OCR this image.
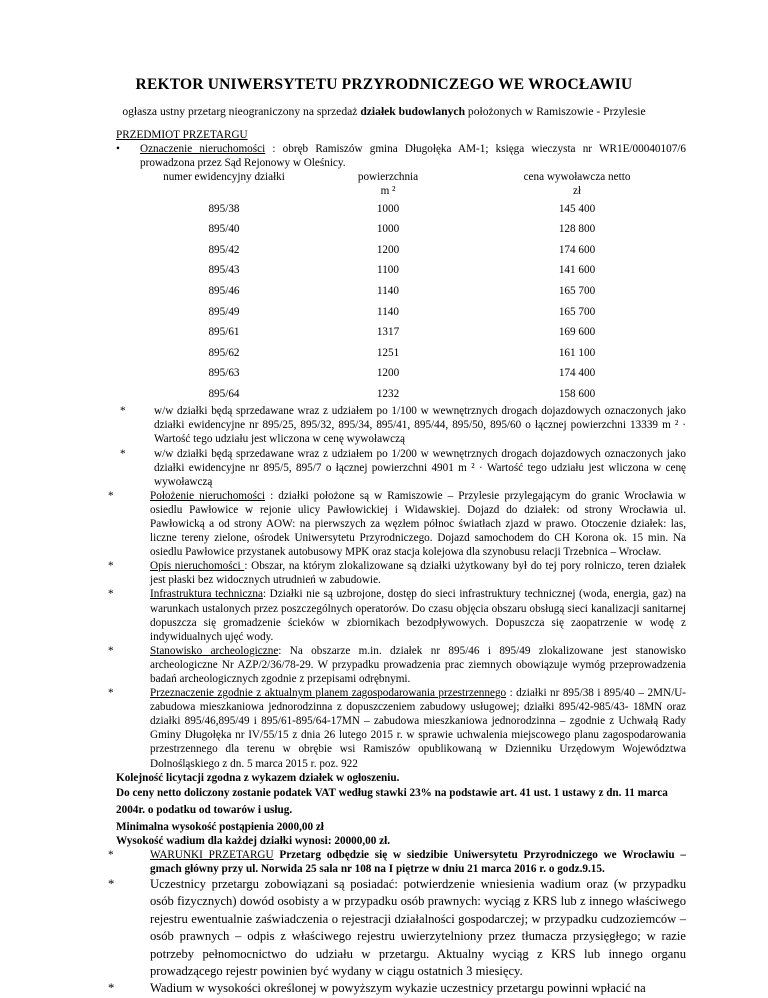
REKTOR UNIWERSYTETU PRZYRODNICZEGO WE WROCŁAWIU
ogłasza ustny przetarg nieograniczony na sprzedaż działek budowlanych położonych w Ramiszowie - Przylesie

PRZEDMIOT PRZETARGU

•	Oznaczenie nieruchomości : obręb Ramiszów gmina Długołęka AM-1; księga wieczysta nr WR1E/00040107/6 prowadzona przez Sąd Rejonowy w Oleśnicy.
numer ewidencyjny działki	powierzchnia	cena wywoławcza netto
	m ²	zł
895/38	1000	145 400
895/40	1000	128 800
895/42	1200	174 600
895/43	1100	141 600
895/46	1140	165 700
895/49	1140	165 700
895/61	1317	169 600
895/62	1251	161 100
895/63	1200	174 400
895/64	1232	158 600
*	w/w działki będą sprzedawane wraz z udziałem po 1/100 w wewnętrznych drogach dojazdowych oznaczonych jako działki ewidencyjne nr 895/25, 895/32, 895/34, 895/41, 895/44, 895/50, 895/60 o łącznej powierzchni 13339 m ² · Wartość tego udziału jest wliczona w cenę wywoławczą
*	w/w działki będą sprzedawane wraz z udziałem po 1/200 w wewnętrznych drogach dojazdowych oznaczonych jako działki ewidencyjne nr 895/5, 895/7 o łącznej powierzchni 4901 m ² · Wartość tego udziału jest wliczona w cenę wywoławczą
*	Położenie nieruchomości : działki położone są w Ramiszowie – Przylesie przylegającym do granic Wrocławia w osiedlu Pawłowice w rejonie ulicy Pawłowickiej i Widawskiej. Dojazd do działek: od strony Wrocławia ul. Pawłowicką a od strony AOW: na pierwszych za węzłem północ światłach zjazd w prawo. Otoczenie działek: las, liczne tereny zielone, ośrodek Uniwersytetu Przyrodniczego. Dojazd samochodem do CH Korona ok. 15 min. Na osiedlu Pawłowice przystanek autobusowy MPK oraz stacja kolejowa dla szynobusu relacji Trzebnica – Wrocław.
*	Opis nieruchomości : Obszar, na którym zlokalizowane są działki użytkowany był do tej pory rolniczo, teren działek jest płaski bez widocznych utrudnień w zabudowie.
*	Infrastruktura techniczna: Działki nie są uzbrojone, dostęp do sieci infrastruktury technicznej (woda, energia, gaz) na warunkach ustalonych przez poszczególnych operatorów. Do czasu objęcia obszaru obsługą sieci kanalizacji sanitarnej dopuszcza się gromadzenie ścieków w zbiornikach bezodpływowych. Dopuszcza się zaopatrzenie w wodę z indywidualnych ujęć wody.
*	Stanowisko archeologiczne: Na obszarze m.in. działek nr 895/46 i 895/49 zlokalizowane jest stanowisko archeologiczne Nr AZP/2/36/78-29. W przypadku prowadzenia prac ziemnych obowiązuje wymóg przeprowadzenia badań archeologicznych zgodnie z przepisami odrębnymi.
*	Przeznaczenie zgodnie z aktualnym planem zagospodarowania przestrzennego : działki nr 895/38 i 895/40 – 2MN/U-zabudowa mieszkaniowa jednorodzinna z dopuszczeniem zabudowy usługowej; działki 895/42-985/43- 18MN oraz działki 895/46,895/49 i 895/61-895/64-17MN – zabudowa mieszkaniowa jednorodzinna – zgodnie z Uchwałą Rady Gminy Długołęka nr IV/55/15 z dnia 26 lutego 2015 r. w sprawie uchwalenia miejscowego planu zagospodarowania przestrzennego dla terenu w obrębie wsi Ramiszów opublikowaną w Dzienniku Urzędowym Województwa Dolnośląskiego z dn. 5 marca 2015 r. poz. 922

Kolejność licytacji zgodna z wykazem działek w ogłoszeniu.

Do ceny netto doliczony zostanie podatek VAT według stawki 23% na podstawie art. 41 ust. 1 ustawy z dn. 11 marca 2004r. o podatku od towarów i usług.

Minimalna wysokość postąpienia 2000,00 zł

Wysokość wadium dla każdej działki wynosi: 20000,00 zł.

*	WARUNKI PRZETARGU Przetarg odbędzie się w siedzibie Uniwersytetu Przyrodniczego we Wrocławiu – gmach główny przy ul. Norwida 25 sala nr 108 na I piętrze w dniu 21 marca 2016 r. o godz.9.15.
*	Uczestnicy przetargu zobowiązani są posiadać: potwierdzenie wniesienia wadium oraz (w przypadku osób fizycznych) dowód osobisty a w przypadku osób prawnych: wyciąg z KRS lub z innego właściwego rejestru ewentualnie zaświadczenia o rejestracji działalności gospodarczej; w przypadku cudzoziemców – osób prawnych – odpis z właściwego rejestru uwierzytelniony przez tłumacza przysięgłego; w razie potrzeby pełnomocnictwo do udziału w przetargu. Aktualny wyciąg z KRS lub innego organu prowadzącego rejestr powinien być wydany w ciągu ostatnich 3 miesięcy.
*	Wadium w wysokości określonej w powyższym wykazie uczestnicy przetargu powinni wpłacić na
